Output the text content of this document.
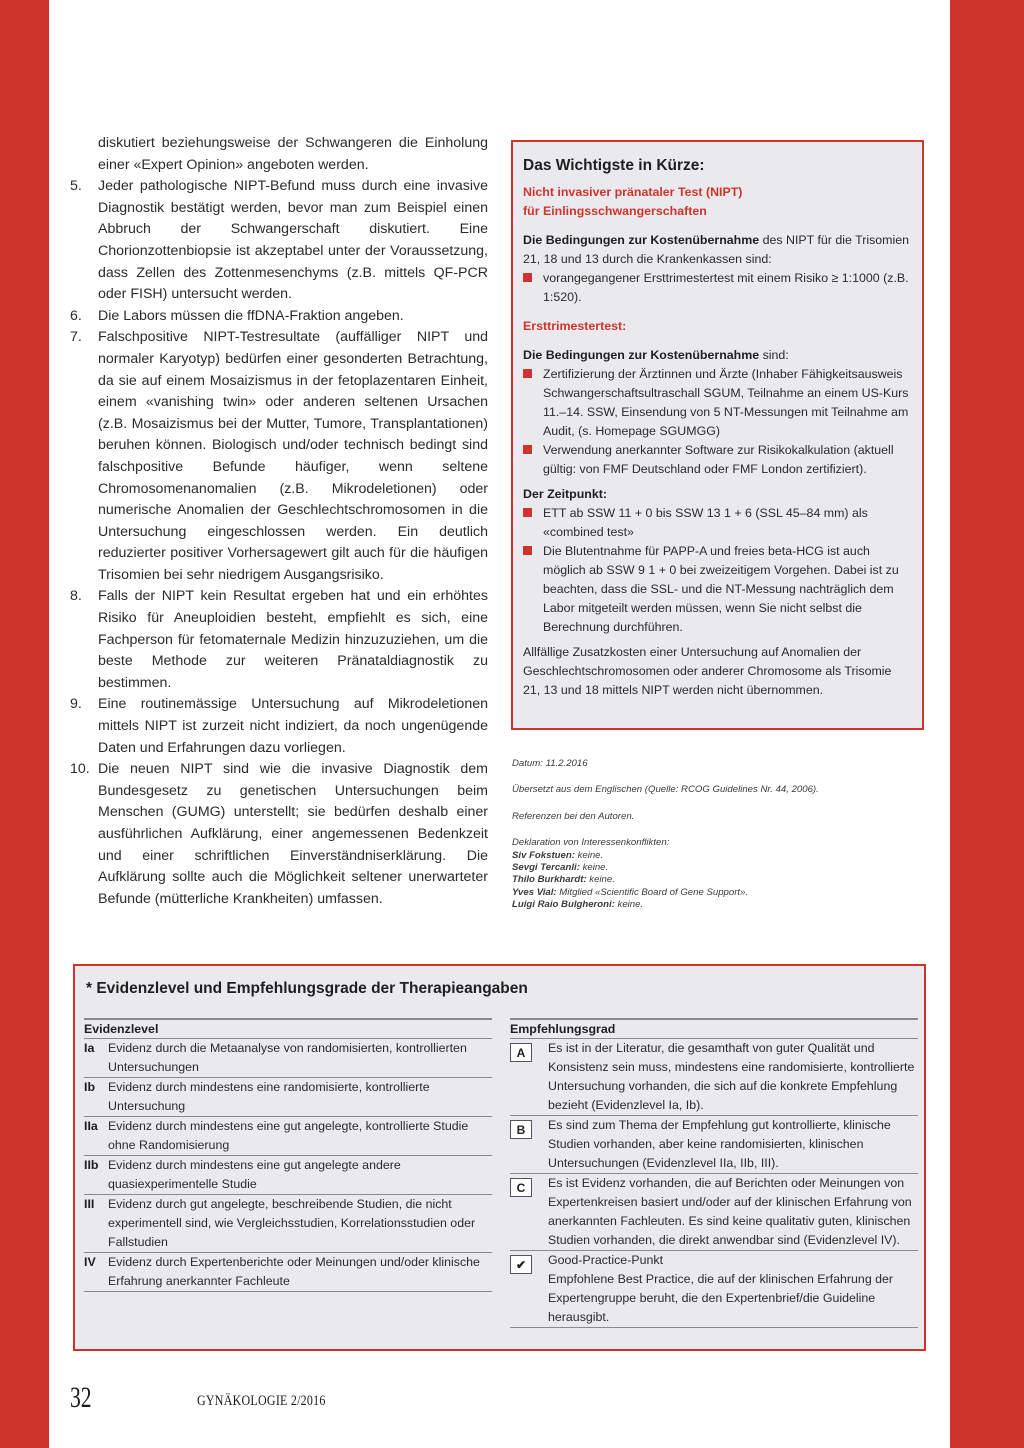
diskutiert beziehungsweise der Schwangeren die Einholung einer «Expert Opinion» angeboten werden.
5.	Jeder pathologische NIPT-Befund muss durch eine invasive Diagnostik bestätigt werden, bevor man zum Beispiel einen Abbruch der Schwangerschaft diskutiert. Eine Chorionzottenbiopsie ist akzeptabel unter der Voraussetzung, dass Zellen des Zottenmesenchyms (z.B. mittels QF-PCR oder FISH) untersucht werden.
6.	Die Labors müssen die ffDNA-Fraktion angeben.
7.	Falschpositive NIPT-Testresultate (auffälliger NIPT und normaler Karyotyp) bedürfen einer gesonderten Betrachtung, da sie auf einem Mosaizismus in der fetoplazentaren Einheit, einem «vanishing twin» oder anderen seltenen Ursachen (z.B. Mosaizismus bei der Mutter, Tumore, Transplantationen) beruhen können. Biologisch und/oder technisch bedingt sind falschpositive Befunde häufiger, wenn seltene Chromosomenanomalien (z.B. Mikrodeletionen) oder numerische Anomalien der Geschlechtschromosomen in die Untersuchung eingeschlossen werden. Ein deutlich reduzierter positiver Vorhersagewert gilt auch für die häufigen Trisomien bei sehr niedrigem Ausgangsrisiko.
8.	Falls der NIPT kein Resultat ergeben hat und ein erhöhtes Risiko für Aneuploidien besteht, empfiehlt es sich, eine Fachperson für fetomaternale Medizin hinzuzuziehen, um die beste Methode zur weiteren Pränataldiagnostik zu bestimmen.
9.	Eine routinemässige Untersuchung auf Mikrodeletionen mittels NIPT ist zurzeit nicht indiziert, da noch ungenügende Daten und Erfahrungen dazu vorliegen.
10. Die neuen NIPT sind wie die invasive Diagnostik dem Bundesgesetz zu genetischen Untersuchungen beim Menschen (GUMG) unterstellt; sie bedürfen deshalb einer ausführlichen Aufklärung, einer angemessenen Bedenkzeit und einer schriftlichen Einverständniserklärung. Die Aufklärung sollte auch die Möglichkeit seltener unerwarteter Befunde (mütterliche Krankheiten) umfassen.
Das Wichtigste in Kürze:
Nicht invasiver pränataler Test (NIPT)
für Einlingsschwangerschaften

Die Bedingungen zur Kostenübernahme des NIPT für die Trisomien 21, 18 und 13 durch die Krankenkassen sind:

vorangegangener Ersttrimestertest mit einem Risiko ≥ 1:1000 (z.B. 1:520).
Ersttrimestertest:

Die Bedingungen zur Kostenübernahme sind:

Zertifizierung der Ärztinnen und Ärzte (Inhaber Fähigkeitsausweis Schwangerschaftsultraschall SGUM, Teilnahme an einem US-Kurs 11.–14. SSW, Einsendung von 5 NT-Messungen mit Teilnahme am Audit, (s. Homepage SGUMGG)
Verwendung anerkannter Software zur Risikokalkulation (aktuell gültig: von FMF Deutschland oder FMF London zertifiziert).

Der Zeitpunkt:

ETT ab SSW 11 + 0 bis SSW 13 1 + 6 (SSL 45–84 mm) als «combined test»
Die Blutentnahme für PAPP-A und freies beta-HCG ist auch möglich ab SSW 9 1 + 0 bei zweizeitigem Vorgehen. Dabei ist zu beachten, dass die SSL- und die NT-Messung nachträglich dem Labor mitgeteilt werden müssen, wenn Sie nicht selbst die Berechnung durchführen.

Allfällige Zusatzkosten einer Untersuchung auf Anomalien der Geschlechtschromosomen oder anderer Chromosome als Trisomie 21, 13 und 18 mittels NIPT werden nicht übernommen.

Datum: 11.2.2016

Übersetzt aus dem Englischen (Quelle: RCOG Guidelines Nr. 44, 2006).

Referenzen bei den Autoren.

Deklaration von Interessenkonflikten:

Siv Fokstuen: keine.

Sevgi Tercanli: keine.

Thilo Burkhardt: keine.

Yves Vial: Mitglied «Scientific Board of Gene Support».

Luigi Raio Bulgheroni: keine.

* Evidenzlevel und Empfehlungsgrade der Therapieangaben
Evidenzlevel
Ia	Evidenz durch die Metaanalyse von randomisierten, kontrollierten Untersuchungen
Ib	Evidenz durch mindestens eine randomisierte, kontrollierte Untersuchung
IIa Evidenz durch mindestens eine gut angelegte, kontrollierte Studie ohne Randomisierung
IIb Evidenz durch mindestens eine gut angelegte andere quasiexperimentelle Studie
III	Evidenz durch gut angelegte, beschreibende Studien, die nicht experimentell sind, wie Vergleichsstudien, Korrelationsstudien oder Fallstudien
IV Evidenz durch Expertenberichte oder Meinungen und/oder klinische Erfahrung anerkannter Fachleute
Empfehlungsgrad
A	Es ist in der Literatur, die gesamthaft von guter Qualität und Konsistenz sein muss, mindestens eine randomisierte, kontrollierte Untersuchung vorhanden, die sich auf die konkrete Empfehlung bezieht (Evidenzlevel Ia, Ib).
B	Es sind zum Thema der Empfehlung gut kontrollierte, klinische Studien vorhanden, aber keine randomisierten, klinischen Untersuchungen (Evidenzlevel IIa, IIb, III).
C	Es ist Evidenz vorhanden, die auf Berichten oder Meinungen von Expertenkreisen basiert und/oder auf der klinischen Erfahrung von anerkannten Fachleuten. Es sind keine qualitativ guten, klinischen Studien vorhanden, die direkt anwendbar sind (Evidenzlevel IV).
✔	Good-Practice-Punkt
Empfohlene Best Practice, die auf der klinischen Erfahrung der Expertengruppe beruht, die den Expertenbrief/die Guideline herausgibt.
32	GYNÄKOLOGIE 2/2016
